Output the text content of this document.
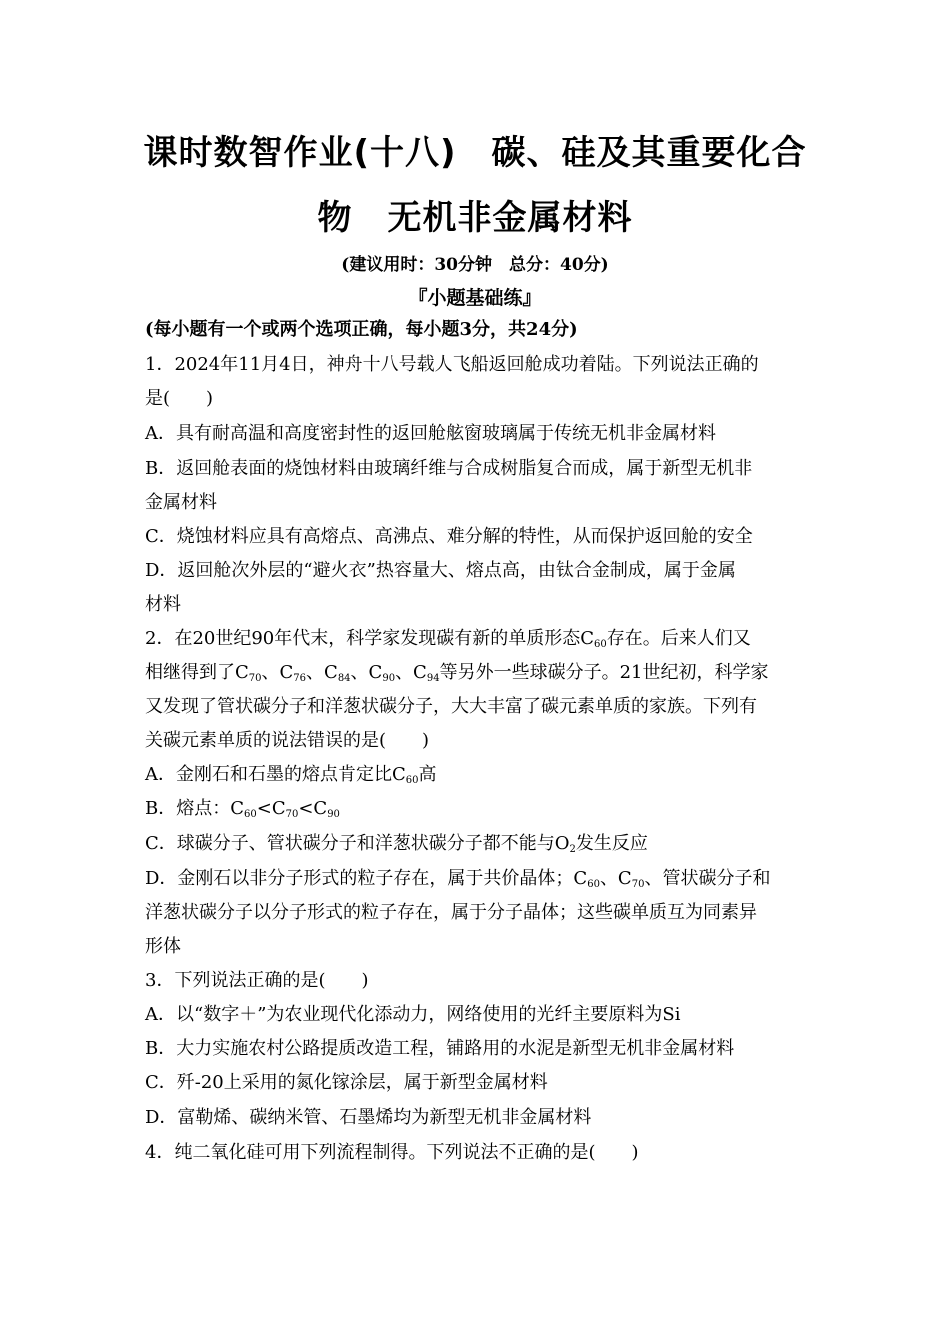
课时数智作业(十八)　碳、硅及其重要化合
物　无机非金属材料
(建议用时：30分钟　总分：40分)
『小题基础练』
(每小题有一个或两个选项正确，每小题3分，共24分)
1．2024年11月4日，神舟十八号载人飞船返回舱成功着陆。下列说法正确的
是(　　)
A．具有耐高温和高度密封性的返回舱舷窗玻璃属于传统无机非金属材料
B．返回舱表面的烧蚀材料由玻璃纤维与合成树脂复合而成，属于新型无机非
金属材料
C．烧蚀材料应具有高熔点、高沸点、难分解的特性，从而保护返回舱的安全
D．返回舱次外层的“避火衣”热容量大、熔点高，由钛合金制成，属于金属
材料
2．在20世纪90年代末，科学家发现碳有新的单质形态$C_{60}$存在。后来人们又
相继得到了$C_{70}$、$C_{76}$、$C_{84}$、$C_{90}$、$C_{94}$等另外一些球碳分子。21世纪初，科学家
又发现了管状碳分子和洋葱状碳分子，大大丰富了碳元素单质的家族。下列有
关碳元素单质的说法错误的是(　　)
A．金刚石和石墨的熔点肯定比$C_{60}$高
B．熔点：$C_{60}<C_{70}<C_{90}$
C．球碳分子、管状碳分子和洋葱状碳分子都不能与$O_2$发生反应
D．金刚石以非分子形式的粒子存在，属于共价晶体；$C_{60}$、$C_{70}$、管状碳分子和
洋葱状碳分子以分子形式的粒子存在，属于分子晶体；这些碳单质互为同素异
形体
3．下列说法正确的是(　　)
A．以“数字＋”为农业现代化添动力，网络使用的光纤主要原料为Si
B．大力实施农村公路提质改造工程，铺路用的水泥是新型无机非金属材料
C．歼-20上采用的氮化镓涂层，属于新型金属材料
D．富勒烯、碳纳米管、石墨烯均为新型无机非金属材料
4．纯二氧化硅可用下列流程制得。下列说法不正确的是(　　)
